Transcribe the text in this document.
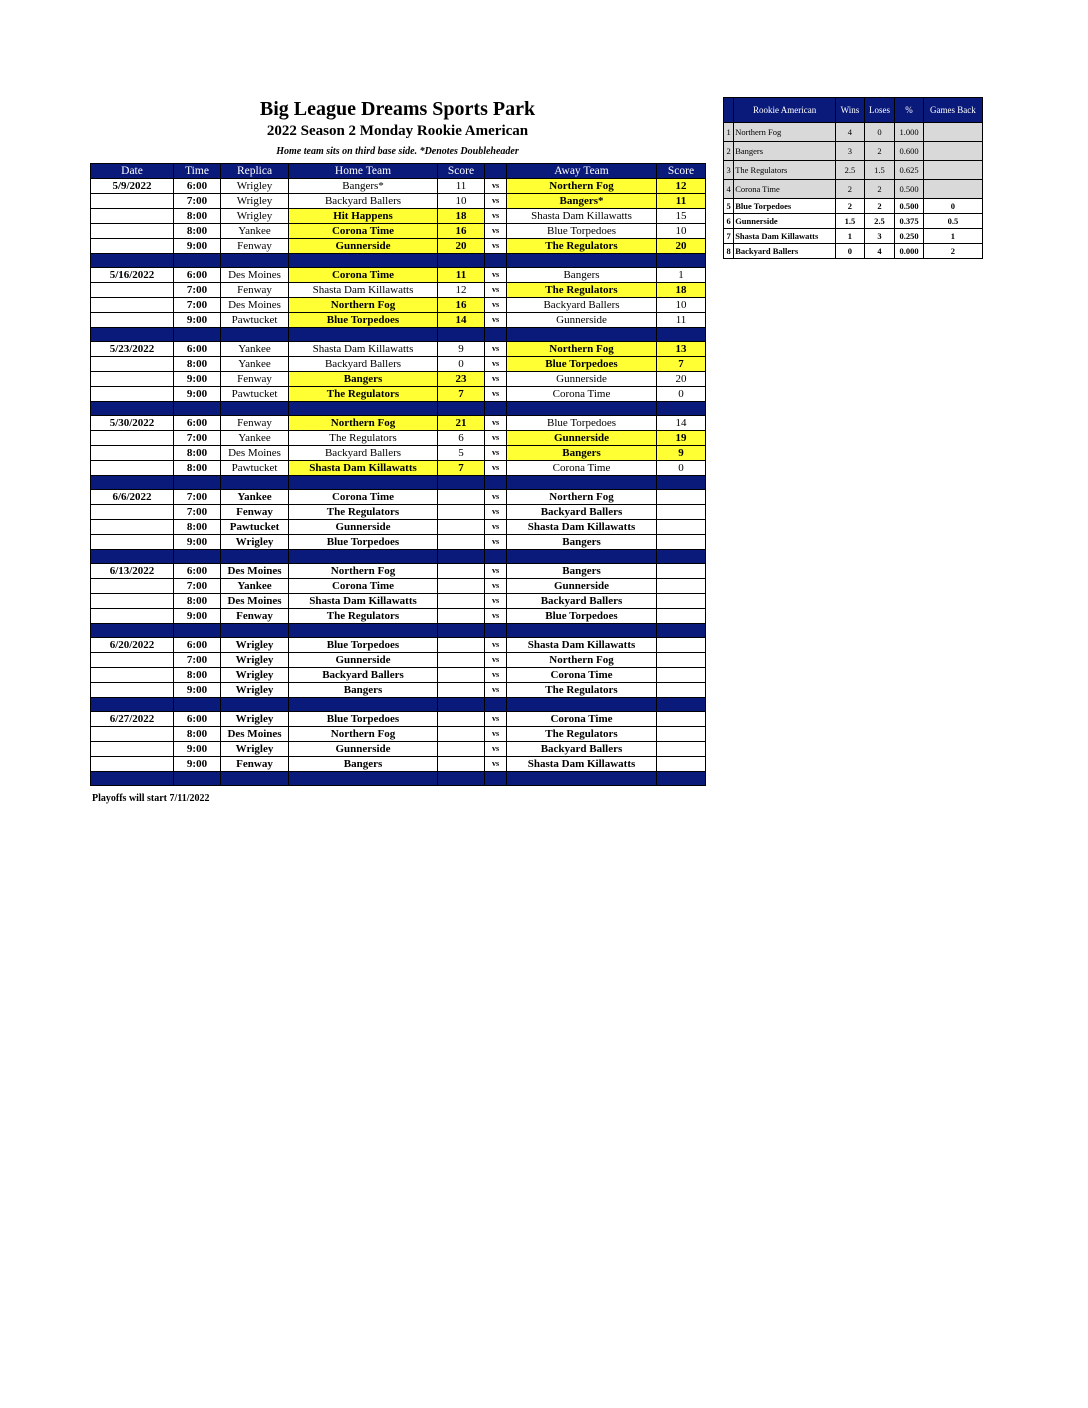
Big League Dreams Sports Park
2022 Season 2 Monday Rookie American
Home team sits on third base side. *Denotes Doubleheader
Date	Time	Replica	Home Team	Score		Away Team	Score
5/9/2022	6:00	Wrigley	Bangers*	11	vs	Northern Fog	12
	7:00	Wrigley	Backyard Ballers	10	vs	Bangers*	11
	8:00	Wrigley	Hit Happens	18	vs	Shasta Dam Killawatts	15
	8:00	Yankee	Corona Time	16	vs	Blue Torpedoes	10
	9:00	Fenway	Gunnerside	20	vs	The Regulators	20

5/16/2022	6:00	Des Moines	Corona Time	11	vs	Bangers	1
	7:00	Fenway	Shasta Dam Killawatts	12	vs	The Regulators	18
	7:00	Des Moines	Northern Fog	16	vs	Backyard Ballers	10
	9:00	Pawtucket	Blue Torpedoes	14	vs	Gunnerside	11

5/23/2022	6:00	Yankee	Shasta Dam Killawatts	9	vs	Northern Fog	13
	8:00	Yankee	Backyard Ballers	0	vs	Blue Torpedoes	7
	9:00	Fenway	Bangers	23	vs	Gunnerside	20
	9:00	Pawtucket	The Regulators	7	vs	Corona Time	0

5/30/2022	6:00	Fenway	Northern Fog	21	vs	Blue Torpedoes	14
	7:00	Yankee	The Regulators	6	vs	Gunnerside	19
	8:00	Des Moines	Backyard Ballers	5	vs	Bangers	9
	8:00	Pawtucket	Shasta Dam Killawatts	7	vs	Corona Time	0

6/6/2022	7:00	Yankee	Corona Time		vs	Northern Fog	
	7:00	Fenway	The Regulators		vs	Backyard Ballers	
	8:00	Pawtucket	Gunnerside		vs	Shasta Dam Killawatts	
	9:00	Wrigley	Blue Torpedoes		vs	Bangers	

6/13/2022	6:00	Des Moines	Northern Fog		vs	Bangers	
	7:00	Yankee	Corona Time		vs	Gunnerside	
	8:00	Des Moines	Shasta Dam Killawatts		vs	Backyard Ballers	
	9:00	Fenway	The Regulators		vs	Blue Torpedoes	

6/20/2022	6:00	Wrigley	Blue Torpedoes		vs	Shasta Dam Killawatts	
	7:00	Wrigley	Gunnerside		vs	Northern Fog	
	8:00	Wrigley	Backyard Ballers		vs	Corona Time	
	9:00	Wrigley	Bangers		vs	The Regulators	

6/27/2022	6:00	Wrigley	Blue Torpedoes		vs	Corona Time	
	8:00	Des Moines	Northern Fog		vs	The Regulators	
	9:00	Wrigley	Gunnerside		vs	Backyard Ballers	
	9:00	Fenway	Bangers		vs	Shasta Dam Killawatts	

Playoffs will start 7/11/2022
	Rookie American	Wins	Loses	%	Games Back
1	Northern Fog	4	0	1.000	
2	Bangers	3	2	0.600	
3	The Regulators	2.5	1.5	0.625	
4	Corona Time	2	2	0.500	
5	Blue Torpedoes	2	2	0.500	0
6	Gunnerside	1.5	2.5	0.375	0.5
7	Shasta Dam Killawatts	1	3	0.250	1
8	Backyard Ballers	0	4	0.000	2
